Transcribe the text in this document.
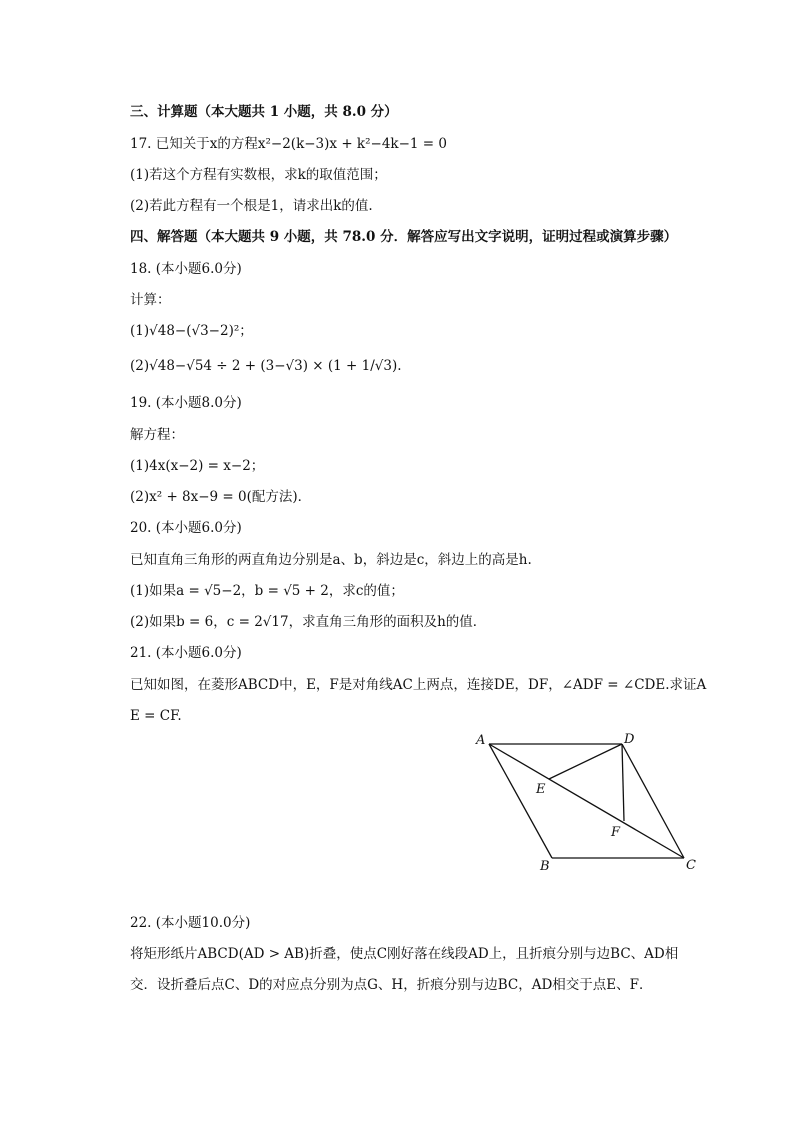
三、计算题（本大题共 1 小题，共 8.0 分）
17. 已知关于x的方程x²−2(k−3)x + k²−4k−1 = 0
(1)若这个方程有实数根，求k的取值范围；
(2)若此方程有一个根是1，请求出k的值.
四、解答题（本大题共 9 小题，共 78.0 分．解答应写出文字说明，证明过程或演算步骤）
18. (本小题6.0分)
计算：
(1)√48−(√3−2)²；
(2)√48−√54 ÷ 2 + (3−√3) × (1 + 1/√3).
19. (本小题8.0分)
解方程：
(1)4x(x−2) = x−2；
(2)x² + 8x−9 = 0(配方法)．
20. (本小题6.0分)
已知直角三角形的两直角边分别是a、b，斜边是c，斜边上的高是h.
(1)如果a = √5−2，b = √5 + 2，求c的值；
(2)如果b = 6，c = 2√17，求直角三角形的面积及h的值．
21. (本小题6.0分)
已知如图，在菱形ABCD中，E，F是对角线AC上两点，连接DE，DF，∠ADF = ∠CDE.求证A
E = CF.
A	D
E
F
B	C
22. (本小题10.0分)
将矩形纸片ABCD(AD > AB)折叠，使点C刚好落在线段AD上，且折痕分别与边BC、AD相
交．设折叠后点C、D的对应点分别为点G、H，折痕分别与边BC，AD相交于点E、F．
